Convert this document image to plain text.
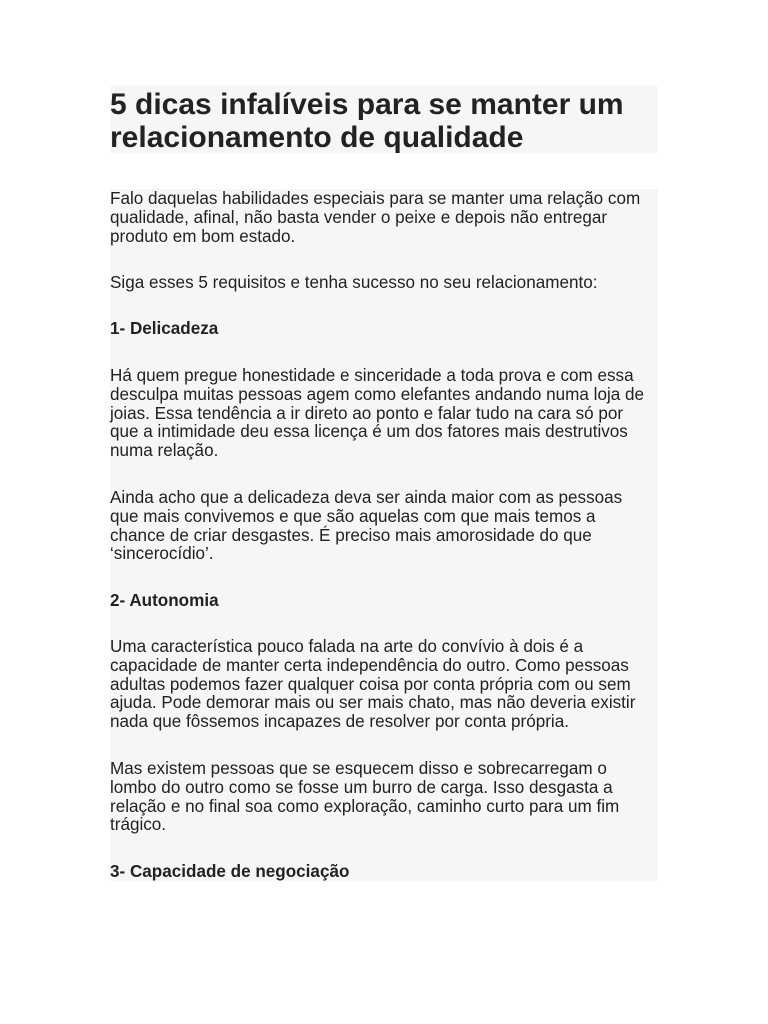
5 dicas infalíveis para se manter um
relacionamento de qualidade

Falo daquelas habilidades especiais para se manter uma relação com
qualidade, afinal, não basta vender o peixe e depois não entregar
produto em bom estado.

Siga esses 5 requisitos e tenha sucesso no seu relacionamento:

1- Delicadeza

Há quem pregue honestidade e sinceridade a toda prova e com essa
desculpa muitas pessoas agem como elefantes andando numa loja de
joias. Essa tendência a ir direto ao ponto e falar tudo na cara só por
que a intimidade deu essa licença é um dos fatores mais destrutivos
numa relação.

Ainda acho que a delicadeza deva ser ainda maior com as pessoas
que mais convivemos e que são aquelas com que mais temos a
chance de criar desgastes. É preciso mais amorosidade do que
‘sincerocídio’.

2- Autonomia

Uma característica pouco falada na arte do convívio à dois é a
capacidade de manter certa independência do outro. Como pessoas
adultas podemos fazer qualquer coisa por conta própria com ou sem
ajuda. Pode demorar mais ou ser mais chato, mas não deveria existir
nada que fôssemos incapazes de resolver por conta própria.

Mas existem pessoas que se esquecem disso e sobrecarregam o
lombo do outro como se fosse um burro de carga. Isso desgasta a
relação e no final soa como exploração, caminho curto para um fim
trágico.

3- Capacidade de negociação
